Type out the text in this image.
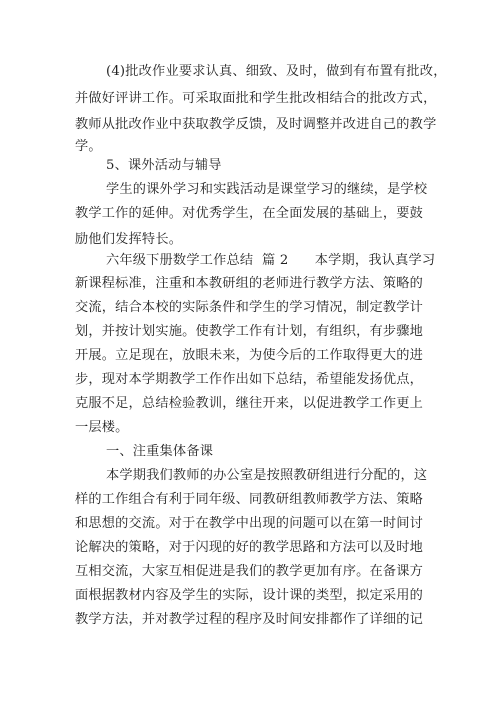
(4)批改作业要求认真、细致、及时，做到有布置有批改，
并做好评讲工作。可采取面批和学生批改相结合的批改方式，
教师从批改作业中获取教学反馈，及时调整并改进自己的教学
学。
5、课外活动与辅导
学生的课外学习和实践活动是课堂学习的继续，是学校
教学工作的延伸。对优秀学生，在全面发展的基础上，要鼓
励他们发挥特长。
六年级下册数学工作总结  篇 2      本学期，我认真学习
新课程标准，注重和本教研组的老师进行教学方法、策略的
交流，结合本校的实际条件和学生的学习情况，制定教学计
划，并按计划实施。使教学工作有计划，有组织，有步骤地
开展。立足现在，放眼未来，为使今后的工作取得更大的进
步，现对本学期教学工作作出如下总结，希望能发扬优点，
克服不足，总结检验教训，继往开来，以促进教学工作更上
一层楼。
一、注重集体备课
本学期我们教师的办公室是按照教研组进行分配的，这
样的工作组合有利于同年级、同教研组教师教学方法、策略
和思想的交流。对于在教学中出现的问题可以在第一时间讨
论解决的策略，对于闪现的好的教学思路和方法可以及时地
互相交流，大家互相促进是我们的教学更加有序。在备课方
面根据教材内容及学生的实际，设计课的类型，拟定采用的
教学方法，并对教学过程的程序及时间安排都作了详细的记
